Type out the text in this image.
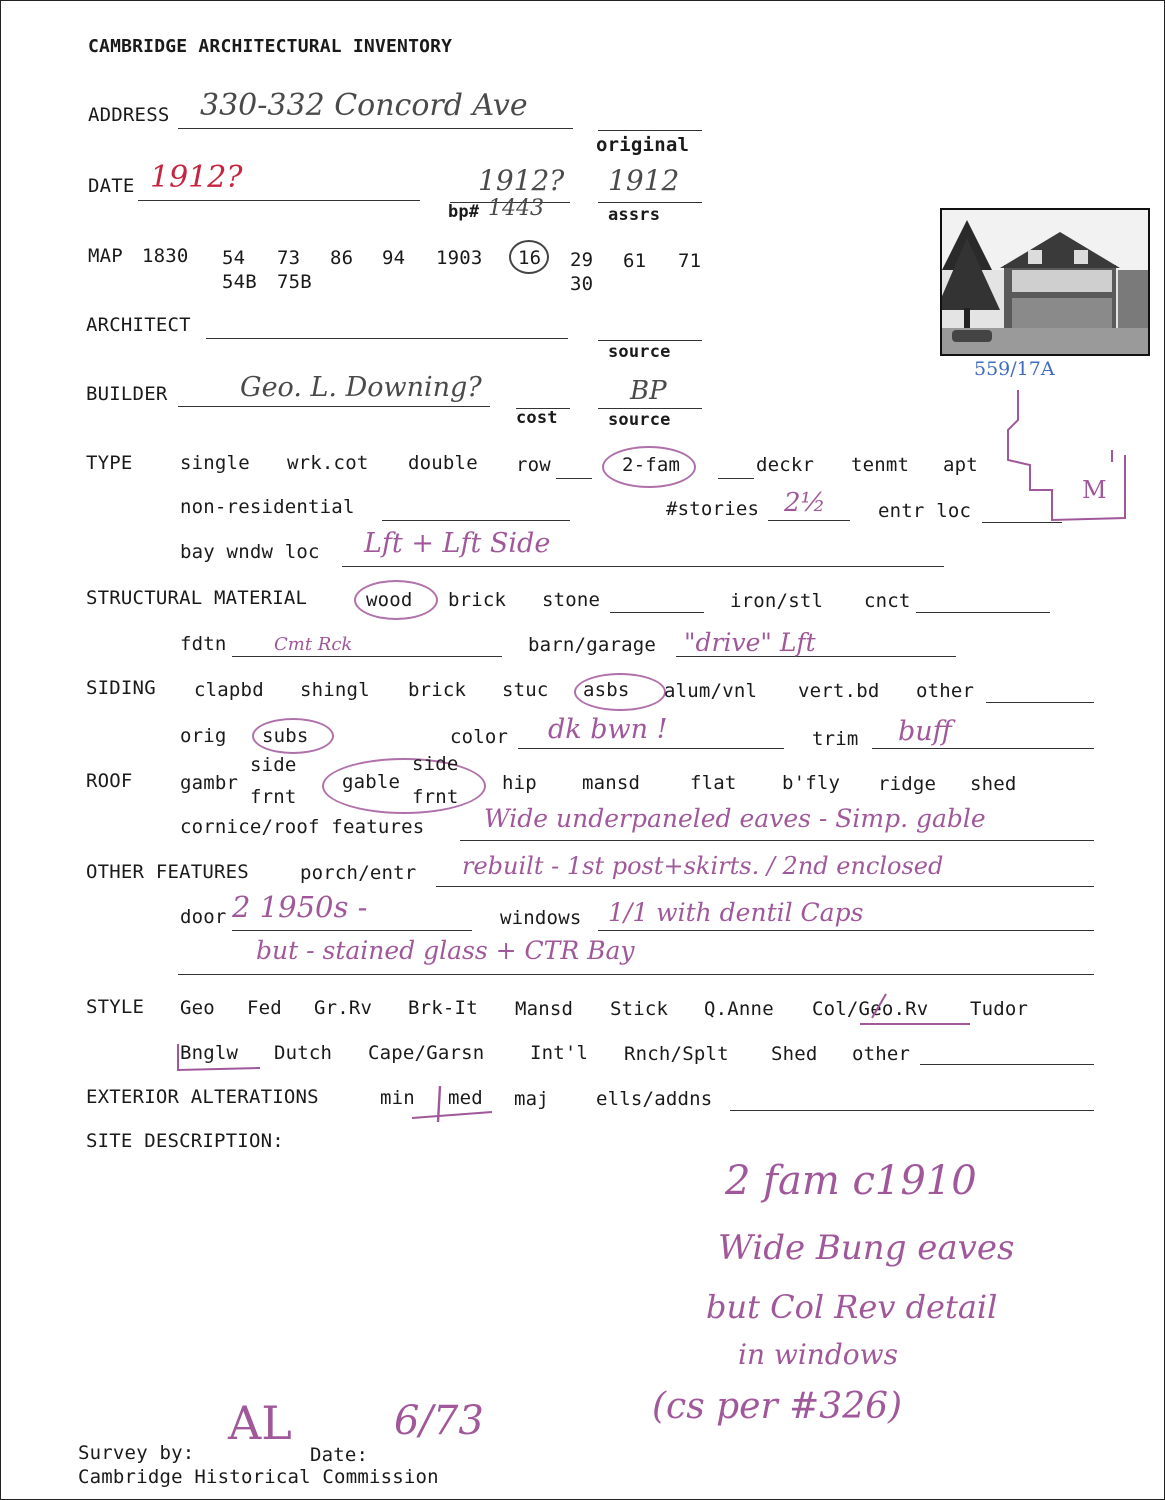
CAMBRIDGE ARCHITECTURAL INVENTORY
ADDRESS 330-332 Concord Ave
original
DATE 1912?	1912?
bp# 1443
1912
assrs
MAP 1830 54 73 86 94 1903 16 29 61 71
54B 75B	30
559/17A
ARCHITECT
source
BUILDER	Geo. L. Downing?
cost
BP
source
TYPE single wrk.cot double row	2-fam	deckr tenmt apt
non-residential	#stories 2½	entr loc
M
bay wndw loc Lft + Lft Side
STRUCTURAL MATERIAL	wood brick stone	iron/stl cnct
fdtn	Cmt Rck	barn/garage "drive" Lft
SIDING clapbd shingl brick stuc asbs alum/vnl vert.bd other
orig subs	color dk bwn !	trim buff
ROOF gambr
side
frnt
gable
side
frnt
hip mansd	flat b'fly ridge shed
cornice/roof features Wide underpaneled eaves - Simp. gable
OTHER FEATURES	porch/entr rebuilt - 1st post+skirts. / 2nd enclosed
door 2 1950s -	windows 1/1 with dentil Caps
but - stained glass + CTR Bay
STYLE Geo Fed Gr.Rv Brk-It Mansd Stick Q.Anne Col/Geo.Rv Tudor
Bnglw Dutch Cape/Garsn Int'l Rnch/Splt Shed other
EXTERIOR ALTERATIONS	min med maj ells/addns
SITE DESCRIPTION:
2 fam c1910
Wide Bung eaves
but Col Rev detail
in windows
(cs per #326)
Survey by:
AL
Date:
6/73
Cambridge Historical Commission
